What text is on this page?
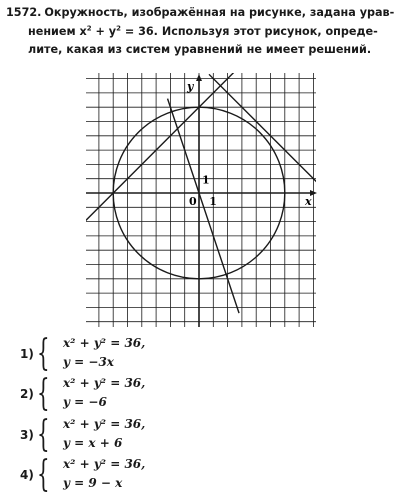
1572. Окружность, изображённая на рисунке, задана урав-
нением $x^2 + y^2 = 36$. Используя этот рисунок, опреде-
лите, какая из систем уравнений не имеет решений.
y
x
0 1
1
1) { x² + y² = 36,
y = −3x
2) { x² + y² = 36,
y = −6
3) { x² + y² = 36,
y = x + 6
4) { x² + y² = 36,
y = 9 − x
